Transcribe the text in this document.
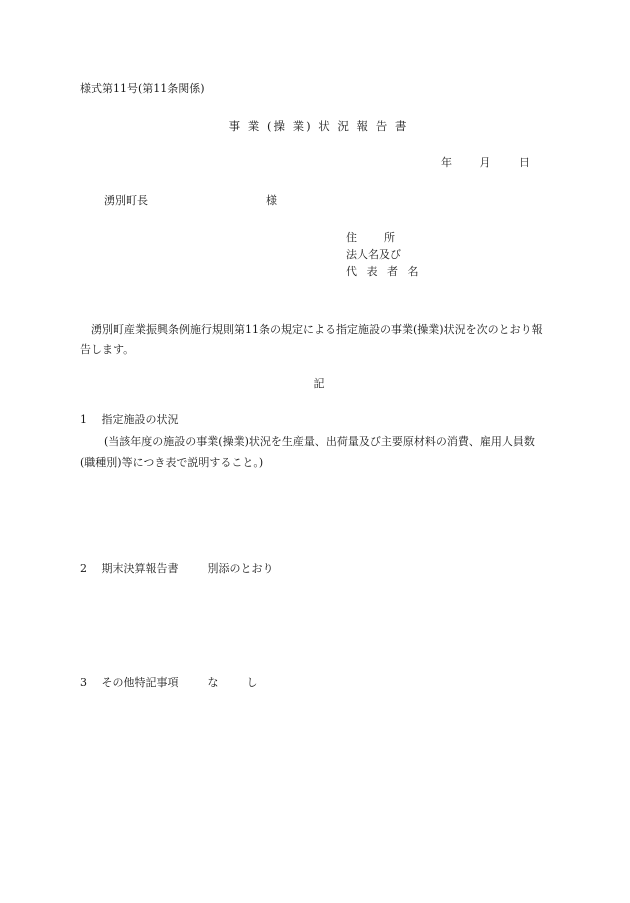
様式第11号(第11条関係)
事 業 (操 業) 状 況 報 告 書
年	月	日
湧別町長	様
住所
法人名及び
代 表 者 名
湧別町産業振興条例施行規則第11条の規定による指定施設の事業(操業)状況を次のとおり報告します。
記
1 指定施設の状況
(当該年度の施設の事業(操業)状況を生産量、出荷量及び主要原材料の消費、雇用人員数(職種別)等につき表で説明すること。)
2 期末決算報告書	別添のとおり
3 その他特記事項	な	し
